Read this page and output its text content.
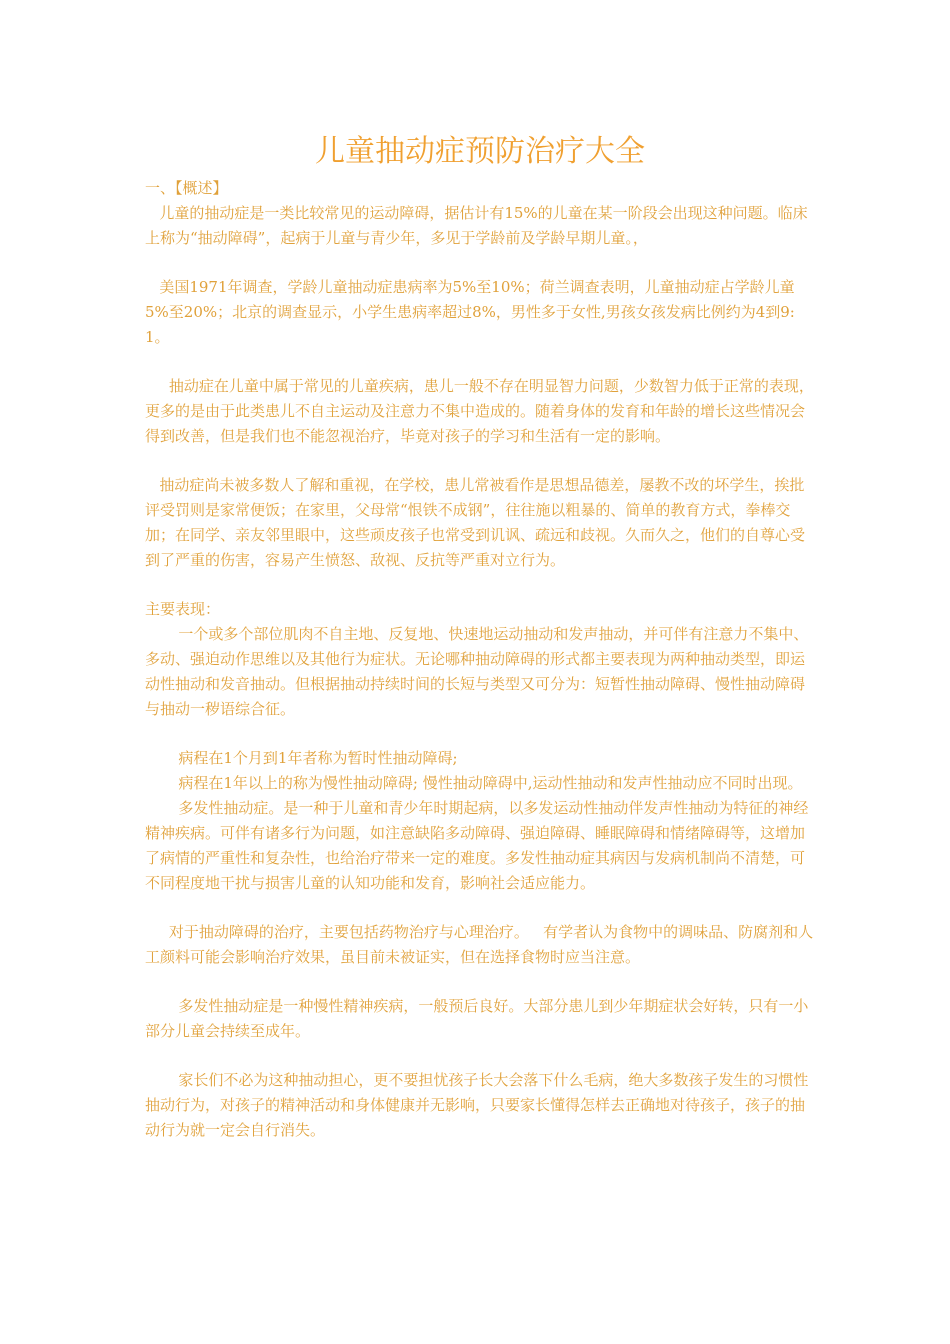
儿童抽动症预防治疗大全

一、【概述】

儿童的抽动症是一类比较常见的运动障碍，据估计有15%的儿童在某一阶段会出现这种问题。临床上称为“抽动障碍”，起病于儿童与青少年，多见于学龄前及学龄早期儿童。，

美国1971年调查，学龄儿童抽动症患病率为5%至10%；荷兰调查表明，儿童抽动症占学龄儿童5%至20%；北京的调查显示，小学生患病率超过8%，男性多于女性,男孩女孩发病比例约为4到9:1。

抽动症在儿童中属于常见的儿童疾病，患儿一般不存在明显智力问题，少数智力低于正常的表现，更多的是由于此类患儿不自主运动及注意力不集中造成的。随着身体的发育和年龄的增长这些情况会得到改善，但是我们也不能忽视治疗，毕竟对孩子的学习和生活有一定的影响。

抽动症尚未被多数人了解和重视，在学校，患儿常被看作是思想品德差，屡教不改的坏学生，挨批评受罚则是家常便饭；在家里，父母常“恨铁不成钢”，往往施以粗暴的、简单的教育方式，拳棒交加；在同学、亲友邻里眼中，这些顽皮孩子也常受到讥讽、疏远和歧视。久而久之，他们的自尊心受到了严重的伤害，容易产生愤怒、敌视、反抗等严重对立行为。

主要表现：

一个或多个部位肌肉不自主地、反复地、快速地运动抽动和发声抽动，并可伴有注意力不集中、多动、强迫动作思维以及其他行为症状。无论哪种抽动障碍的形式都主要表现为两种抽动类型，即运动性抽动和发音抽动。但根据抽动持续时间的长短与类型又可分为：短暂性抽动障碍、慢性抽动障碍    与抽动一秽语综合征。

病程在1个月到1年者称为暂时性抽动障碍;

病程在1年以上的称为慢性抽动障碍; 慢性抽动障碍中,运动性抽动和发声性抽动应不同时出现。

多发性抽动症。是一种于儿童和青少年时期起病，以多发运动性抽动伴发声性抽动为特征的神经精神疾病。可伴有诸多行为问题，如注意缺陷多动障碍、强迫障碍、睡眠障碍和情绪障碍等，这增加了病情的严重性和复杂性，也给治疗带来一定的难度。多发性抽动症其病因与发病机制尚不清楚，可不同程度地干扰与损害儿童的认知功能和发育，影响社会适应能力。

对于抽动障碍的治疗，主要包括药物治疗与心理治疗。   有学者认为食物中的调味品、防腐剂和人工颜料可能会影响治疗效果，虽目前未被证实，但在选择食物时应当注意。

多发性抽动症是一种慢性精神疾病，一般预后良好。大部分患儿到少年期症状会好转，只有一小部分儿童会持续至成年。

家长们不必为这种抽动担心，更不要担忧孩子长大会落下什么毛病，绝大多数孩子发生的习惯性抽动行为，对孩子的精神活动和身体健康并无影响，只要家长懂得怎样去正确地对待孩子，孩子的抽动行为就一定会自行消失。
